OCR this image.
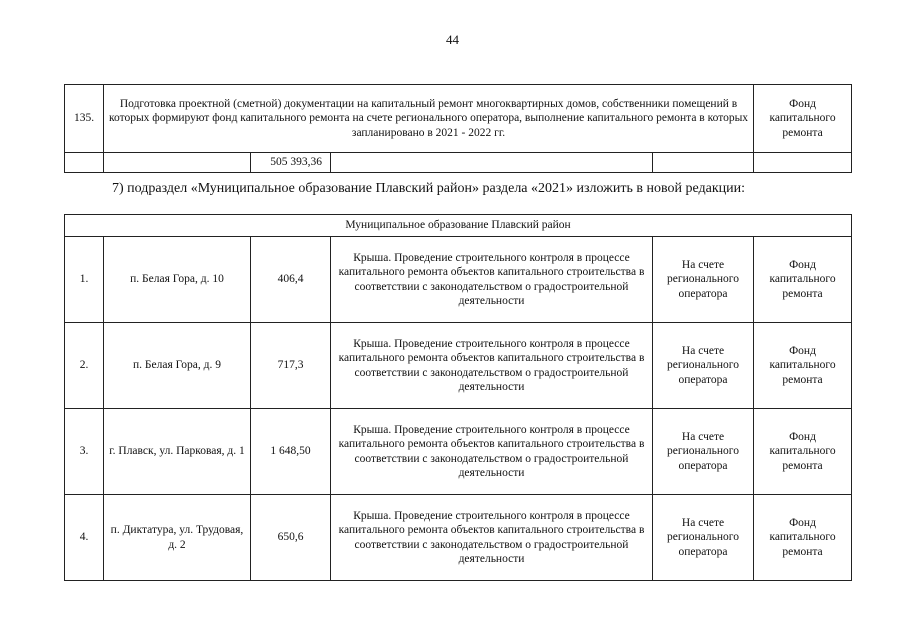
44
135.	Подготовка проектной (сметной) документации на капитальный ремонт многоквартирных домов, собственники помещений в которых формируют фонд капитального ремонта на счете регионального оператора, выполнение капитального ремонта в которых запланировано в 2021 - 2022 гг.				Фонд капитального ремонта
		505 393,36			
7) подраздел «Муниципальное образование Плавский район» раздела «2021» изложить в новой редакции:
Муниципальное образование Плавский район					
1.	п. Белая Гора, д. 10	406,4	Крыша. Проведение строительного контроля в процессе капитального ремонта объектов капитального строительства в соответствии с законодательством о градостроительной деятельности	На счете регионального оператора	Фонд капитального ремонта
2.	п. Белая Гора, д. 9	717,3	Крыша. Проведение строительного контроля в процессе капитального ремонта объектов капитального строительства в соответствии с законодательством о градостроительной деятельности	На счете регионального оператора	Фонд капитального ремонта
3.	г. Плавск, ул. Парковая, д. 1	1 648,50	Крыша. Проведение строительного контроля в процессе капитального ремонта объектов капитального строительства в соответствии с законодательством о градостроительной деятельности	На счете регионального оператора	Фонд капитального ремонта
4.	п. Диктатура, ул. Трудовая, д. 2	650,6	Крыша. Проведение строительного контроля в процессе капитального ремонта объектов капитального строительства в соответствии с законодательством о градостроительной деятельности	На счете регионального оператора	Фонд капитального ремонта
